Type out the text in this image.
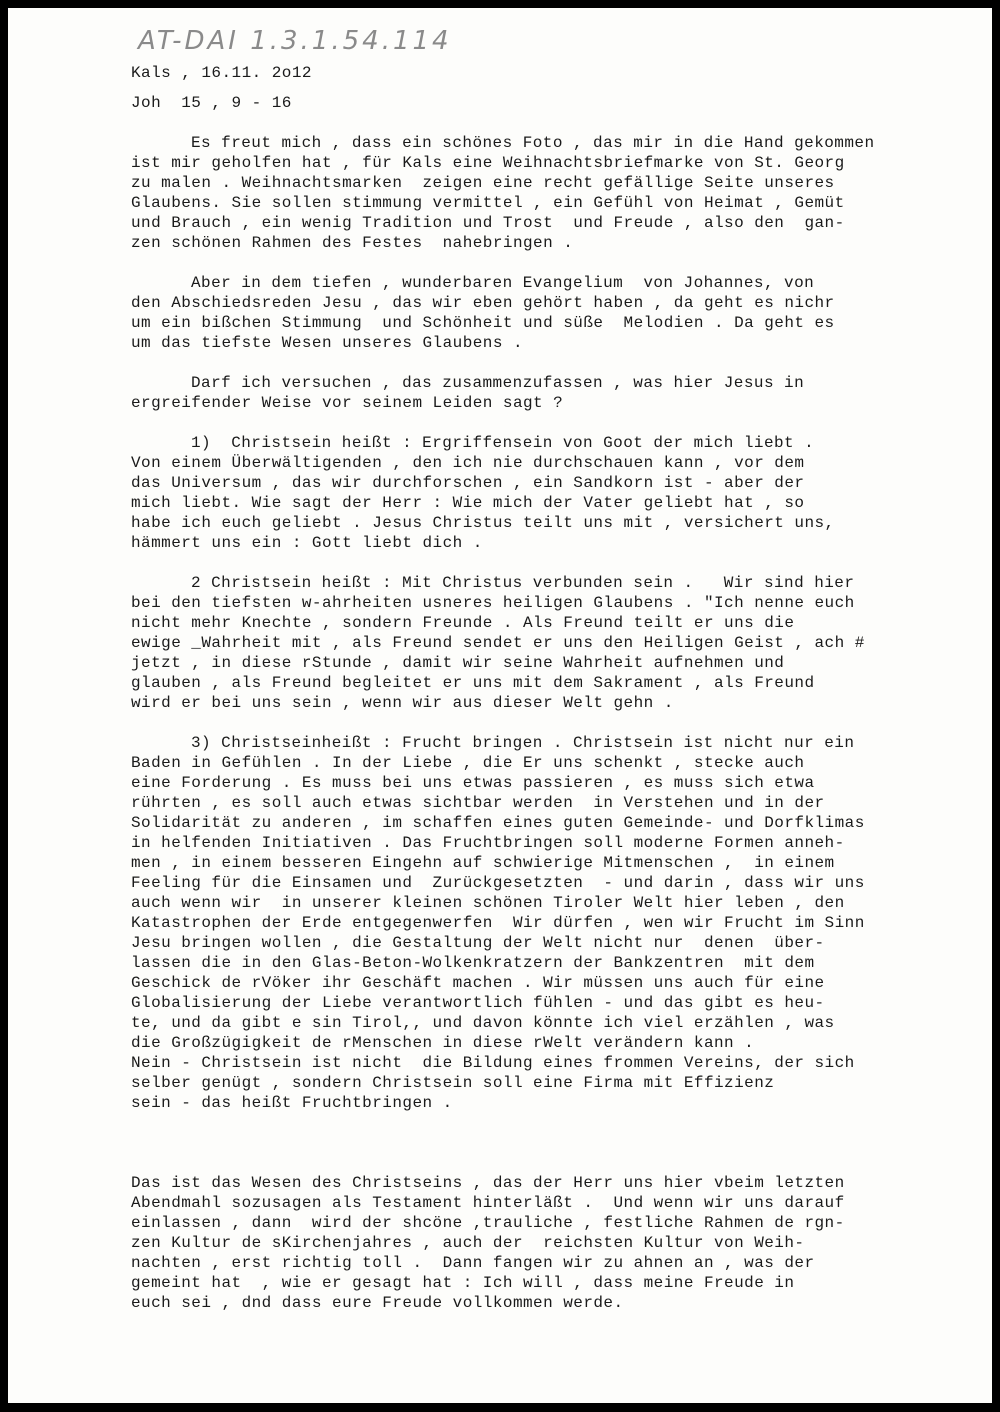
AT-DAI 1.3.1.54.114
Kals , 16.11. 2o12
Joh  15 , 9 - 16
Es freut mich , dass ein schönes Foto , das mir in die Hand gekommen
ist mir geholfen hat , für Kals eine Weihnachtsbriefmarke von St. Georg
zu malen . Weihnachtsmarken  zeigen eine recht gefällige Seite unseres
Glaubens. Sie sollen stimmung vermittel , ein Gefühl von Heimat , Gemüt
und Brauch , ein wenig Tradition und Trost  und Freude , also den  gan-
zen schönen Rahmen des Festes  nahebringen .
Aber in dem tiefen , wunderbaren Evangelium  von Johannes, von
den Abschiedsreden Jesu , das wir eben gehört haben , da geht es nichr
um ein bißchen Stimmung  und Schönheit und süße  Melodien . Da geht es
um das tiefste Wesen unseres Glaubens .
Darf ich versuchen , das zusammenzufassen , was hier Jesus in
ergreifender Weise vor seinem Leiden sagt ?
1)  Christsein heißt : Ergriffensein von Goot der mich liebt .
Von einem Überwältigenden , den ich nie durchschauen kann , vor dem
das Universum , das wir durchforschen , ein Sandkorn ist - aber der
mich liebt. Wie sagt der Herr : Wie mich der Vater geliebt hat , so
habe ich euch geliebt . Jesus Christus teilt uns mit , versichert uns,
hämmert uns ein : Gott liebt dich .
2 Christsein heißt : Mit Christus verbunden sein .   Wir sind hier
bei den tiefsten w-ahrheiten usneres heiligen Glaubens . "Ich nenne euch
nicht mehr Knechte , sondern Freunde . Als Freund teilt er uns die
ewige _Wahrheit mit , als Freund sendet er uns den Heiligen Geist , ach #
jetzt , in diese rStunde , damit wir seine Wahrheit aufnehmen und
glauben , als Freund begleitet er uns mit dem Sakrament , als Freund
wird er bei uns sein , wenn wir aus dieser Welt gehn .
3) Christseinheißt : Frucht bringen . Christsein ist nicht nur ein
Baden in Gefühlen . In der Liebe , die Er uns schenkt , stecke auch
eine Forderung . Es muss bei uns etwas passieren , es muss sich etwa
rührten , es soll auch etwas sichtbar werden  in Verstehen und in der
Solidarität zu anderen , im schaffen eines guten Gemeinde- und Dorfklimas
in helfenden Initiativen . Das Fruchtbringen soll moderne Formen anneh-
men , in einem besseren Eingehn auf schwierige Mitmenschen ,  in einem
Feeling für die Einsamen und  Zurückgesetzten  - und darin , dass wir uns
auch wenn wir  in unserer kleinen schönen Tiroler Welt hier leben , den
Katastrophen der Erde entgegenwerfen  Wir dürfen , wen wir Frucht im Sinn
Jesu bringen wollen , die Gestaltung der Welt nicht nur  denen  über-
lassen die in den Glas-Beton-Wolkenkratzern der Bankzentren  mit dem
Geschick de rVöker ihr Geschäft machen . Wir müssen uns auch für eine
Globalisierung der Liebe verantwortlich fühlen - und das gibt es heu-
te, und da gibt e sin Tirol,, und davon könnte ich viel erzählen , was
die Großzügigkeit de rMenschen in diese rWelt verändern kann .
Nein - Christsein ist nicht  die Bildung eines frommen Vereins, der sich
selber genügt , sondern Christsein soll eine Firma mit Effizienz
sein - das heißt Fruchtbringen .
Das ist das Wesen des Christseins , das der Herr uns hier vbeim letzten
Abendmahl sozusagen als Testament hinterläßt .  Und wenn wir uns darauf
einlassen , dann  wird der shcöne ,trauliche , festliche Rahmen de rgn-
zen Kultur de sKirchenjahres , auch der  reichsten Kultur von Weih-
nachten , erst richtig toll .  Dann fangen wir zu ahnen an , was der
gemeint hat  , wie er gesagt hat : Ich will , dass meine Freude in
euch sei , dnd dass eure Freude vollkommen werde.
